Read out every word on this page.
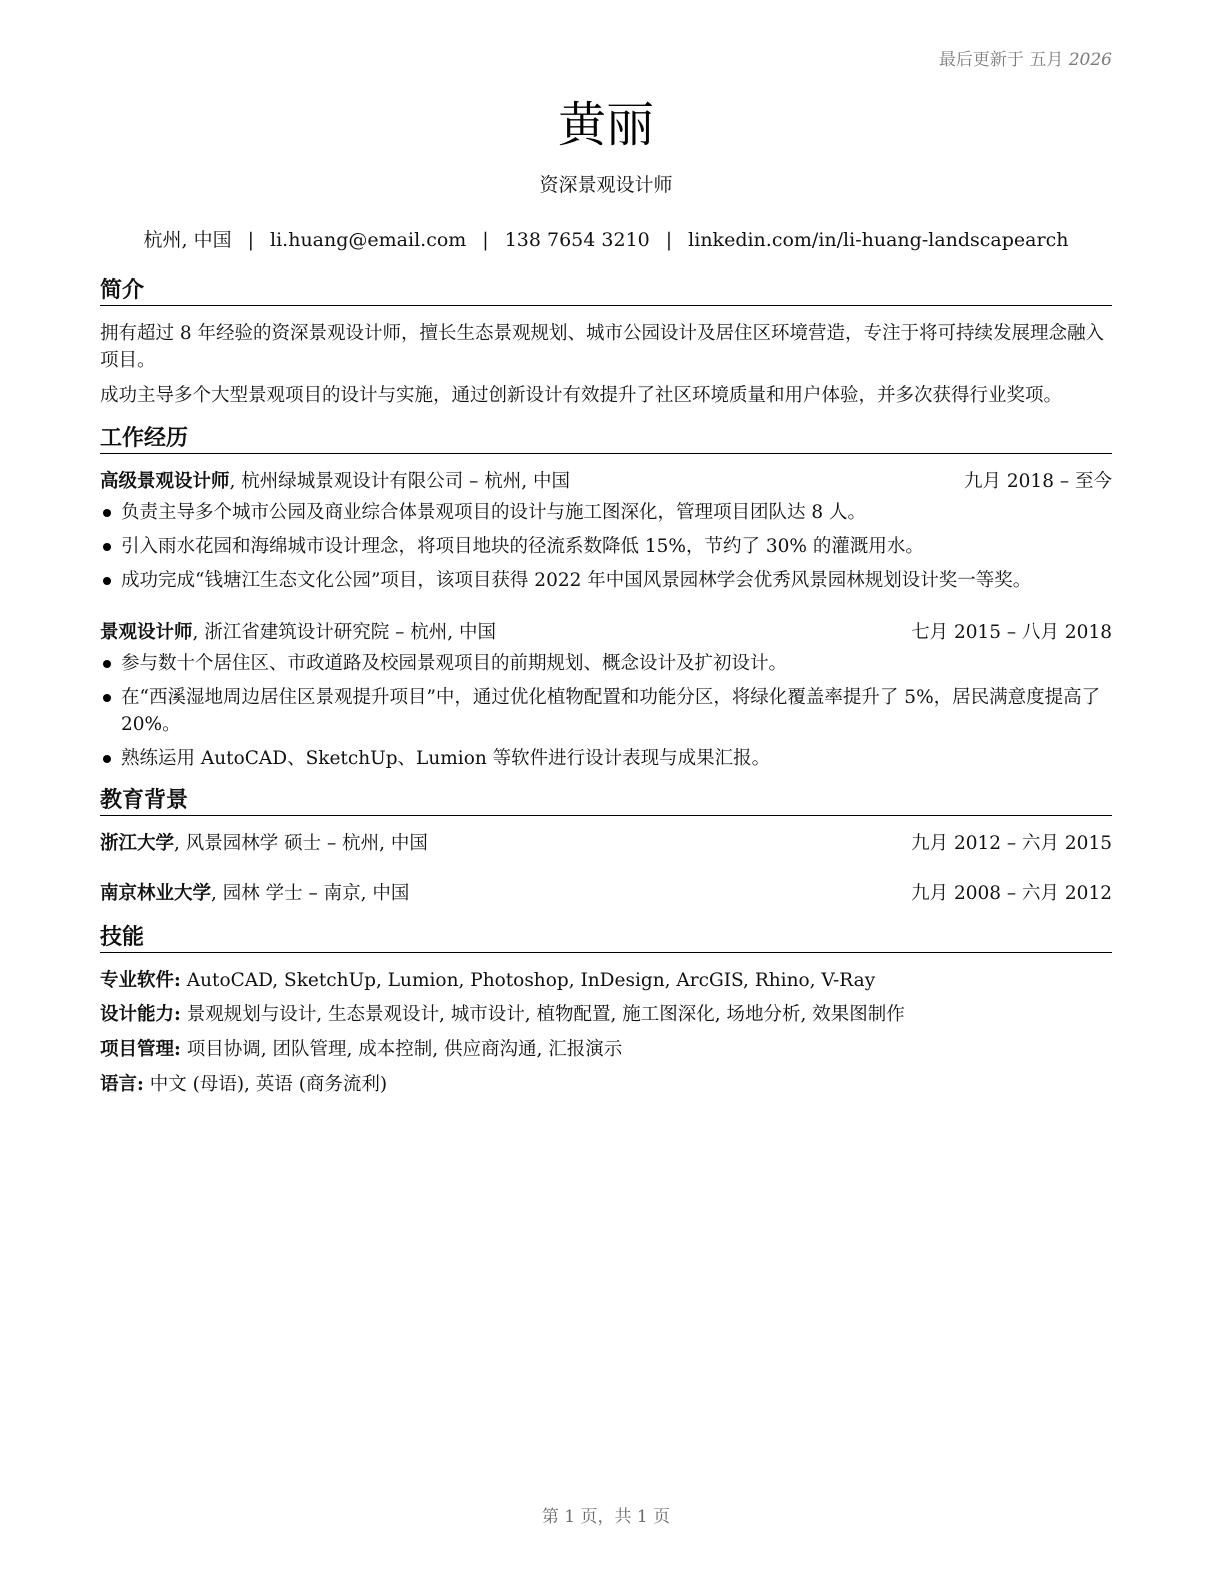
最后更新于 五月 2026
黄丽
资深景观设计师
杭州, 中国 | li.huang@email.com | 138 7654 3210 | linkedin.com/in/li-huang-landscapearch
简介
拥有超过 8 年经验的资深景观设计师，擅长生态景观规划、城市公园设计及居住区环境营造，专注于将可持续发展理念融入项目。
成功主导多个大型景观项目的设计与实施，通过创新设计有效提升了社区环境质量和用户体验，并多次获得行业奖项。
工作经历
高级景观设计师, 杭州绿城景观设计有限公司 – 杭州, 中国	九月 2018 – 至今
负责主导多个城市公园及商业综合体景观项目的设计与施工图深化，管理项目团队达 8 人。
引入雨水花园和海绵城市设计理念，将项目地块的径流系数降低 15%，节约了 30% 的灌溉用水。
成功完成“钱塘江生态文化公园”项目，该项目获得 2022 年中国风景园林学会优秀风景园林规划设计奖一等奖。
景观设计师, 浙江省建筑设计研究院 – 杭州, 中国	七月 2015 – 八月 2018
参与数十个居住区、市政道路及校园景观项目的前期规划、概念设计及扩初设计。
在“西溪湿地周边居住区景观提升项目”中，通过优化植物配置和功能分区，将绿化覆盖率提升了 5%，居民满意度提高了 20%。
熟练运用 AutoCAD、SketchUp、Lumion 等软件进行设计表现与成果汇报。
教育背景
浙江大学, 风景园林学 硕士 – 杭州, 中国	九月 2012 – 六月 2015
南京林业大学, 园林 学士 – 南京, 中国	九月 2008 – 六月 2012
技能
专业软件: AutoCAD, SketchUp, Lumion, Photoshop, InDesign, ArcGIS, Rhino, V-Ray
设计能力: 景观规划与设计, 生态景观设计, 城市设计, 植物配置, 施工图深化, 场地分析, 效果图制作
项目管理: 项目协调, 团队管理, 成本控制, 供应商沟通, 汇报演示
语言: 中文 (母语), 英语 (商务流利)
第 1 页，共 1 页
